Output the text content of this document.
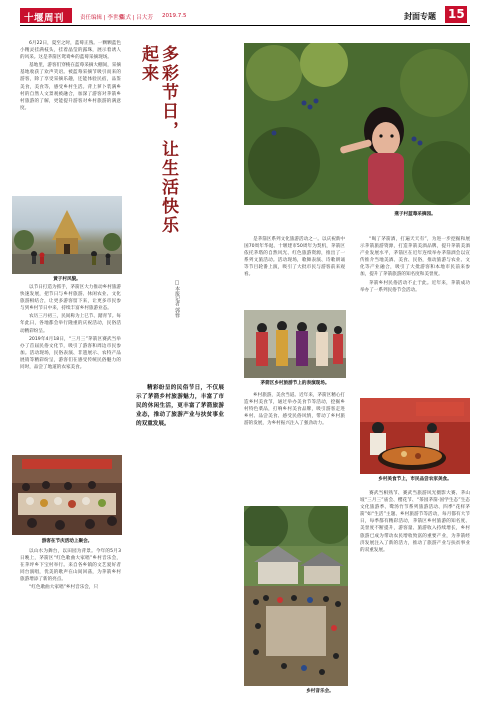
十堰周刊	责任编辑 | 李世骥
版式 | 吕大芳 2019.7.5	封面专题 15

6月22日，夏至之时，蓝莓正熟。一颗颗蓝色小精灵挂满枝头，挂着晶莹的露珠，展示着诱人的风采。这是茅箭区鸳鸯乡的蓝莓采摘现场。

基地里，游客们穿梭在蓝莓采摘大棚间，采摘基地收获了欢声笑语。被蓝莓采摘节吸引而来的游客，除了享受采摘乐趣，还能体验民宿，品鉴美食，美食等，感受乡村生活。背上萝卜装满乡村的自然人文景观被融合，加深了游客对茅箭乡村旅游的了解，更能提升游客对乡村旅游的满意度。

黄子村风貌。

以节日打造为抓手，茅箭区大力推动乡村旅游快速发展，把节日与乡村旅游、休闲农业、文化旅游相结合，让更多游客留下来，让更多市民参与到乡村节日中来，持续丰富乡村旅游业态。

农历三月初三，民间称为上巳节、踏青节。每年此日，各地都会举行隆重的庆祝活动，民俗活动精彩纷呈。

2019年4月18日，“三月三”茅箭区赛武当举办了首届民俗文化节，吸引了游客和周边市民参加。活动现场，民俗表演、非遗展示、农特产品展销等精彩纷呈，游客们在感受传统民俗魅力的同时，品尝了地道的农家美食。

游客在节庆活动上聚会。

以山水为舞台，以田园为背景。今年的5月3日晚上，茅箭区“红色歌曲大家唱”乡村音乐会，在茅坪乡下宝村举行。来自各乡镇的文艺爱好者同台演唱，优美的歌声在山间回荡，为茅箭乡村旅游增添了新的亮点。

“红色歌曲大家唱”乡村音乐会，只

多彩节日，让生活快乐起来
□本报记者 郭蓉
精彩纷呈的民俗节日，不仅展示了茅箭乡村旅游魅力，丰富了市民的休闲生活，更丰富了茅箭旅游业态，推动了旅游产业与扶贫事业的双重发展。
燕子村蓝莓采摘园。

是茅箭区系列文化旅游活动之一。以庆祝新中国70周年华诞、十堰建市50周年为契机，茅箭区依托茅塔的自然风光、红色旅游资源，推出了一系列文旅活动。活动现场，歌舞表演、诗歌朗诵等节目轮番上演，吸引了大批市民与游客前来观看。

茅箭区乡村旅游节上的表演现场。

乡村旅游，美食当道。近年来，茅箭区精心打造乡村美食节，通过举办美食节等活动，挖掘乡村特色菜品，打响乡村美食品牌，吸引游客走进乡村、品尝美食、感受民俗风情，带动了乡村旅游的发展，为乡村振兴注入了强劲动力。

“喝了茅箭酒，打遍天天有”，为进一步挖掘和展示茅箭旅游资源，打造茅箭美酒品牌，提升茅箭美酒产业发展水平，茅箭区在近年连续举办茅箭酒会以宣传推介当地美酒、美食、民俗，推动旅游与农业、文化等产业融合，吸引了大批游客和本地市民前来参加，提升了茅箭旅游的知名度和美誉度。

茅箭乡村民俗活动不止于此。近年来，茅箭成功举办了一系列民俗节会活动。

乡村美食节上，市民品尝农家美食。

赛武当相熟节、赛武当旅游风光摄影大赛、茅山坡“三月三”庙会、樱花节、“茶园茅箭·国学生态”生态文化旅游季、鹭汤竹节系列旅游活动、四季“花样茅箭”如“生活”主题、乡村旅游节等活动，每月都有大节日，每季都有精彩活动，茅箭区乡村旅游的知名度、美誉度不断提升，游客量、旅游收入持续增长，乡村旅游已成为带动农民增收致富的重要产业，为茅箭经济发展注入了新的活力，推动了旅游产业与扶贫事业的双重发展。

乡村音乐会。
